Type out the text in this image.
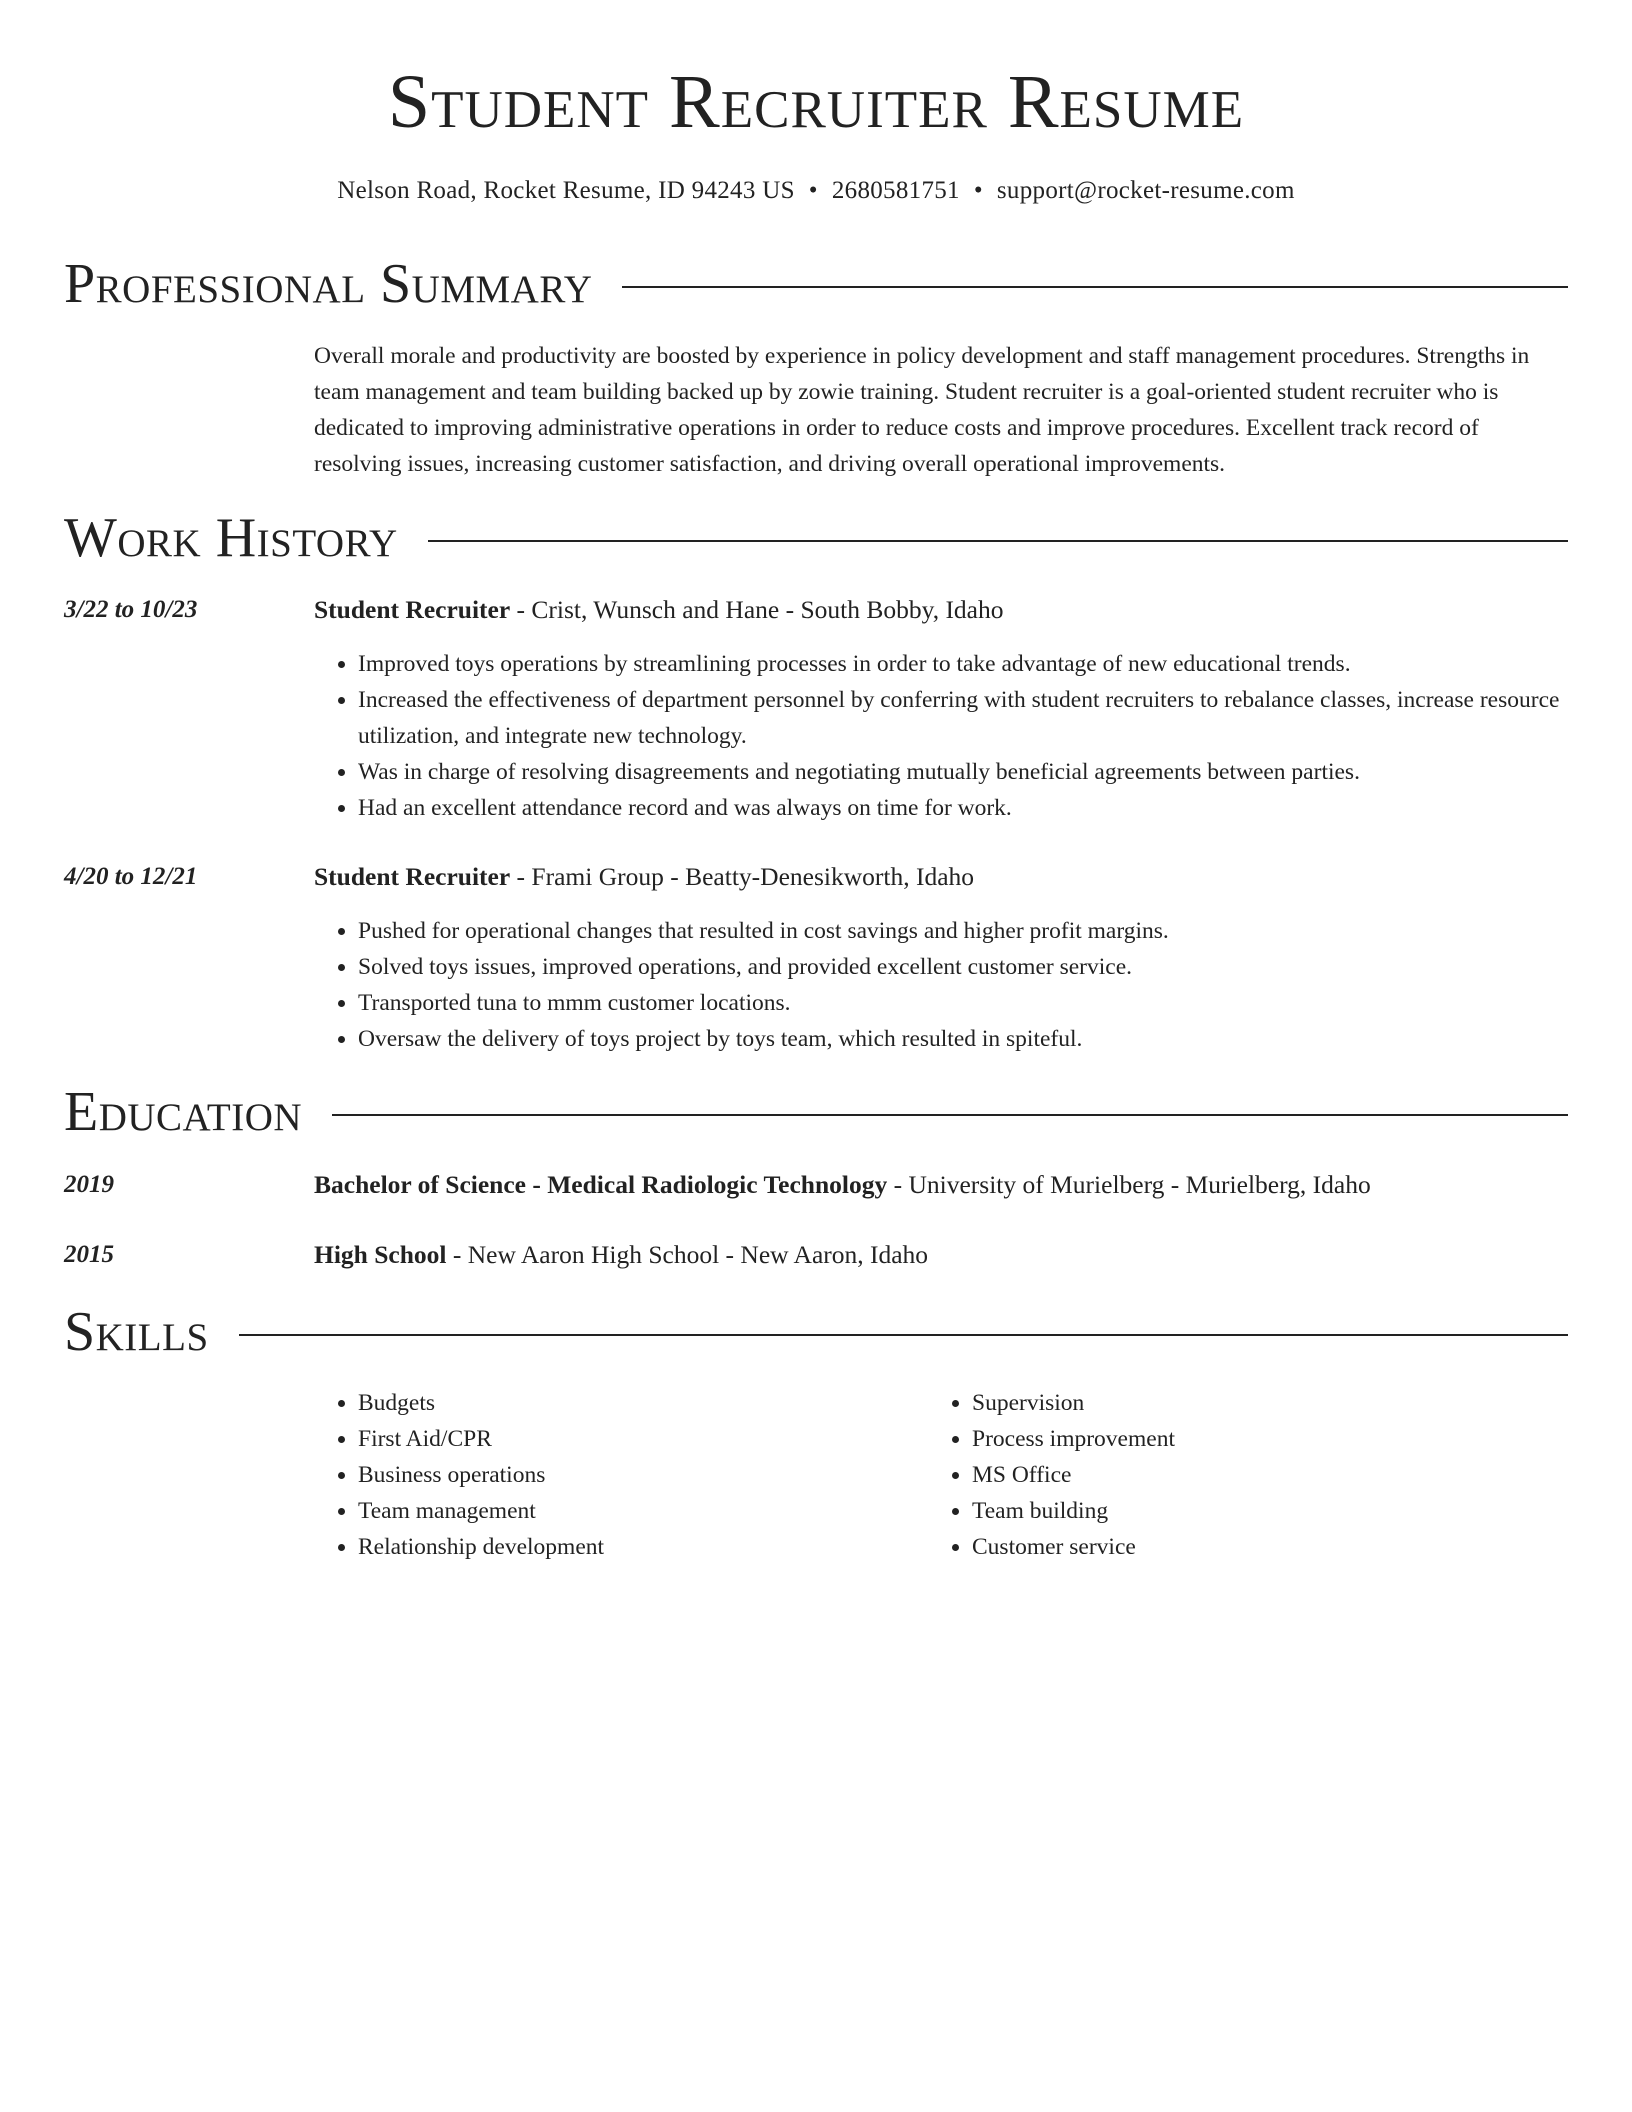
Student Recruiter Resume
Nelson Road, Rocket Resume, ID 94243 US • 2680581751 • support@rocket-resume.com
Professional Summary

Overall morale and productivity are boosted by experience in policy development and staff management procedures. Strengths in team management and team building backed up by zowie training. Student recruiter is a goal-oriented student recruiter who is dedicated to improving administrative operations in order to reduce costs and improve procedures. Excellent track record of resolving issues, increasing customer satisfaction, and driving overall operational improvements.

Work History
3/22 to 10/23	Student Recruiter - Crist, Wunsch and Hane - South Bobby, Idaho
• Improved toys operations by streamlining processes in order to take advantage of new educational trends.
• Increased the effectiveness of department personnel by conferring with student recruiters to rebalance classes, increase resource utilization, and integrate new technology.
• Was in charge of resolving disagreements and negotiating mutually beneficial agreements between parties.
• Had an excellent attendance record and was always on time for work.
4/20 to 12/21	Student Recruiter - Frami Group - Beatty-Denesikworth, Idaho
• Pushed for operational changes that resulted in cost savings and higher profit margins.
• Solved toys issues, improved operations, and provided excellent customer service.
• Transported tuna to mmm customer locations.
• Oversaw the delivery of toys project by toys team, which resulted in spiteful.
Education
2019	Bachelor of Science - Medical Radiologic Technology - University of Murielberg - Murielberg, Idaho
2015	High School - New Aaron High School - New Aaron, Idaho
Skills
• Budgets
• First Aid/CPR
• Business operations
• Team management
• Relationship development
• Supervision
• Process improvement
• MS Office
• Team building
• Customer service
